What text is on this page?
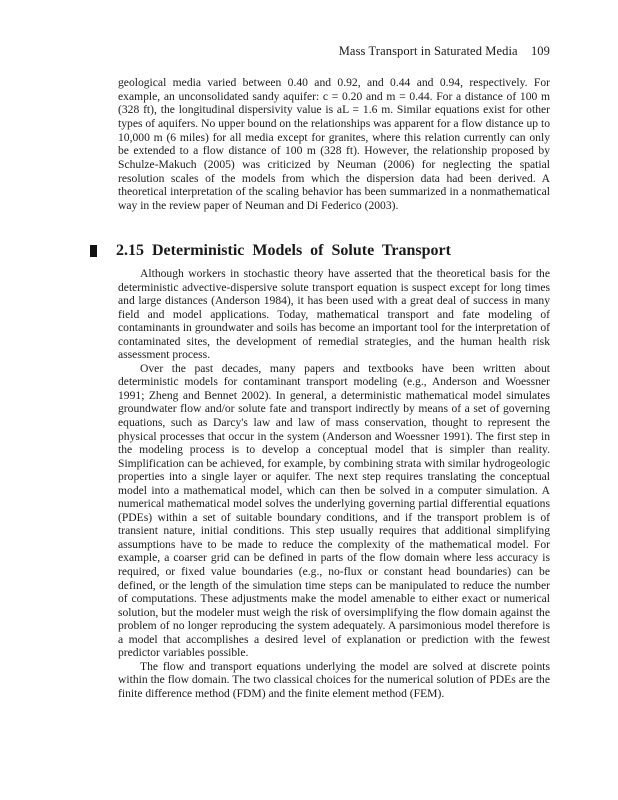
Mass Transport in Saturated Media 109

geological media varied between 0.40 and 0.92, and 0.44 and 0.94, respectively. For example, an unconsolidated sandy aquifer: c = 0.20 and m = 0.44. For a distance of 100 m (328 ft), the longitudinal dispersivity value is aL = 1.6 m. Similar equations exist for other types of aquifers. No upper bound on the relationships was apparent for a flow distance up to 10,000 m (6 miles) for all media except for granites, where this relation currently can only be extended to a flow distance of 100 m (328 ft). However, the relationship proposed by Schulze-Makuch (2005) was criticized by Neuman (2006) for neglecting the spatial resolution scales of the models from which the dispersion data had been derived. A theoretical interpretation of the scaling behavior has been summarized in a nonmathematical way in the review paper of Neuman and Di Federico (2003).

2.15 Deterministic Models of Solute Transport

Although workers in stochastic theory have asserted that the theoretical basis for the deterministic advective-dispersive solute transport equation is suspect except for long times and large distances (Anderson 1984), it has been used with a great deal of success in many field and model applications. Today, mathematical transport and fate modeling of contaminants in groundwater and soils has become an important tool for the interpretation of contaminated sites, the development of remedial strategies, and the human health risk assessment process.

Over the past decades, many papers and textbooks have been written about deterministic models for contaminant transport modeling (e.g., Anderson and Woessner 1991; Zheng and Bennet 2002). In general, a deterministic mathematical model simulates groundwater flow and/or solute fate and transport indirectly by means of a set of governing equations, such as Darcy's law and law of mass conservation, thought to represent the physical processes that occur in the system (Anderson and Woessner 1991). The first step in the modeling process is to develop a conceptual model that is simpler than reality. Simplification can be achieved, for example, by combining strata with similar hydrogeologic properties into a single layer or aquifer. The next step requires translating the conceptual model into a mathematical model, which can then be solved in a computer simulation. A numerical mathematical model solves the underlying governing partial differential equations (PDEs) within a set of suitable boundary conditions, and if the transport problem is of transient nature, initial conditions. This step usually requires that additional simplifying assumptions have to be made to reduce the complexity of the mathematical model. For example, a coarser grid can be defined in parts of the flow domain where less accuracy is required, or fixed value boundaries (e.g., no-flux or constant head boundaries) can be defined, or the length of the simulation time steps can be manipulated to reduce the number of computations. These adjustments make the model amenable to either exact or numerical solution, but the modeler must weigh the risk of oversimplifying the flow domain against the problem of no longer reproducing the system adequately. A parsimonious model therefore is a model that accomplishes a desired level of explanation or prediction with the fewest predictor variables possible.

The flow and transport equations underlying the model are solved at discrete points within the flow domain. The two classical choices for the numerical solution of PDEs are the finite difference method (FDM) and the finite element method (FEM).
